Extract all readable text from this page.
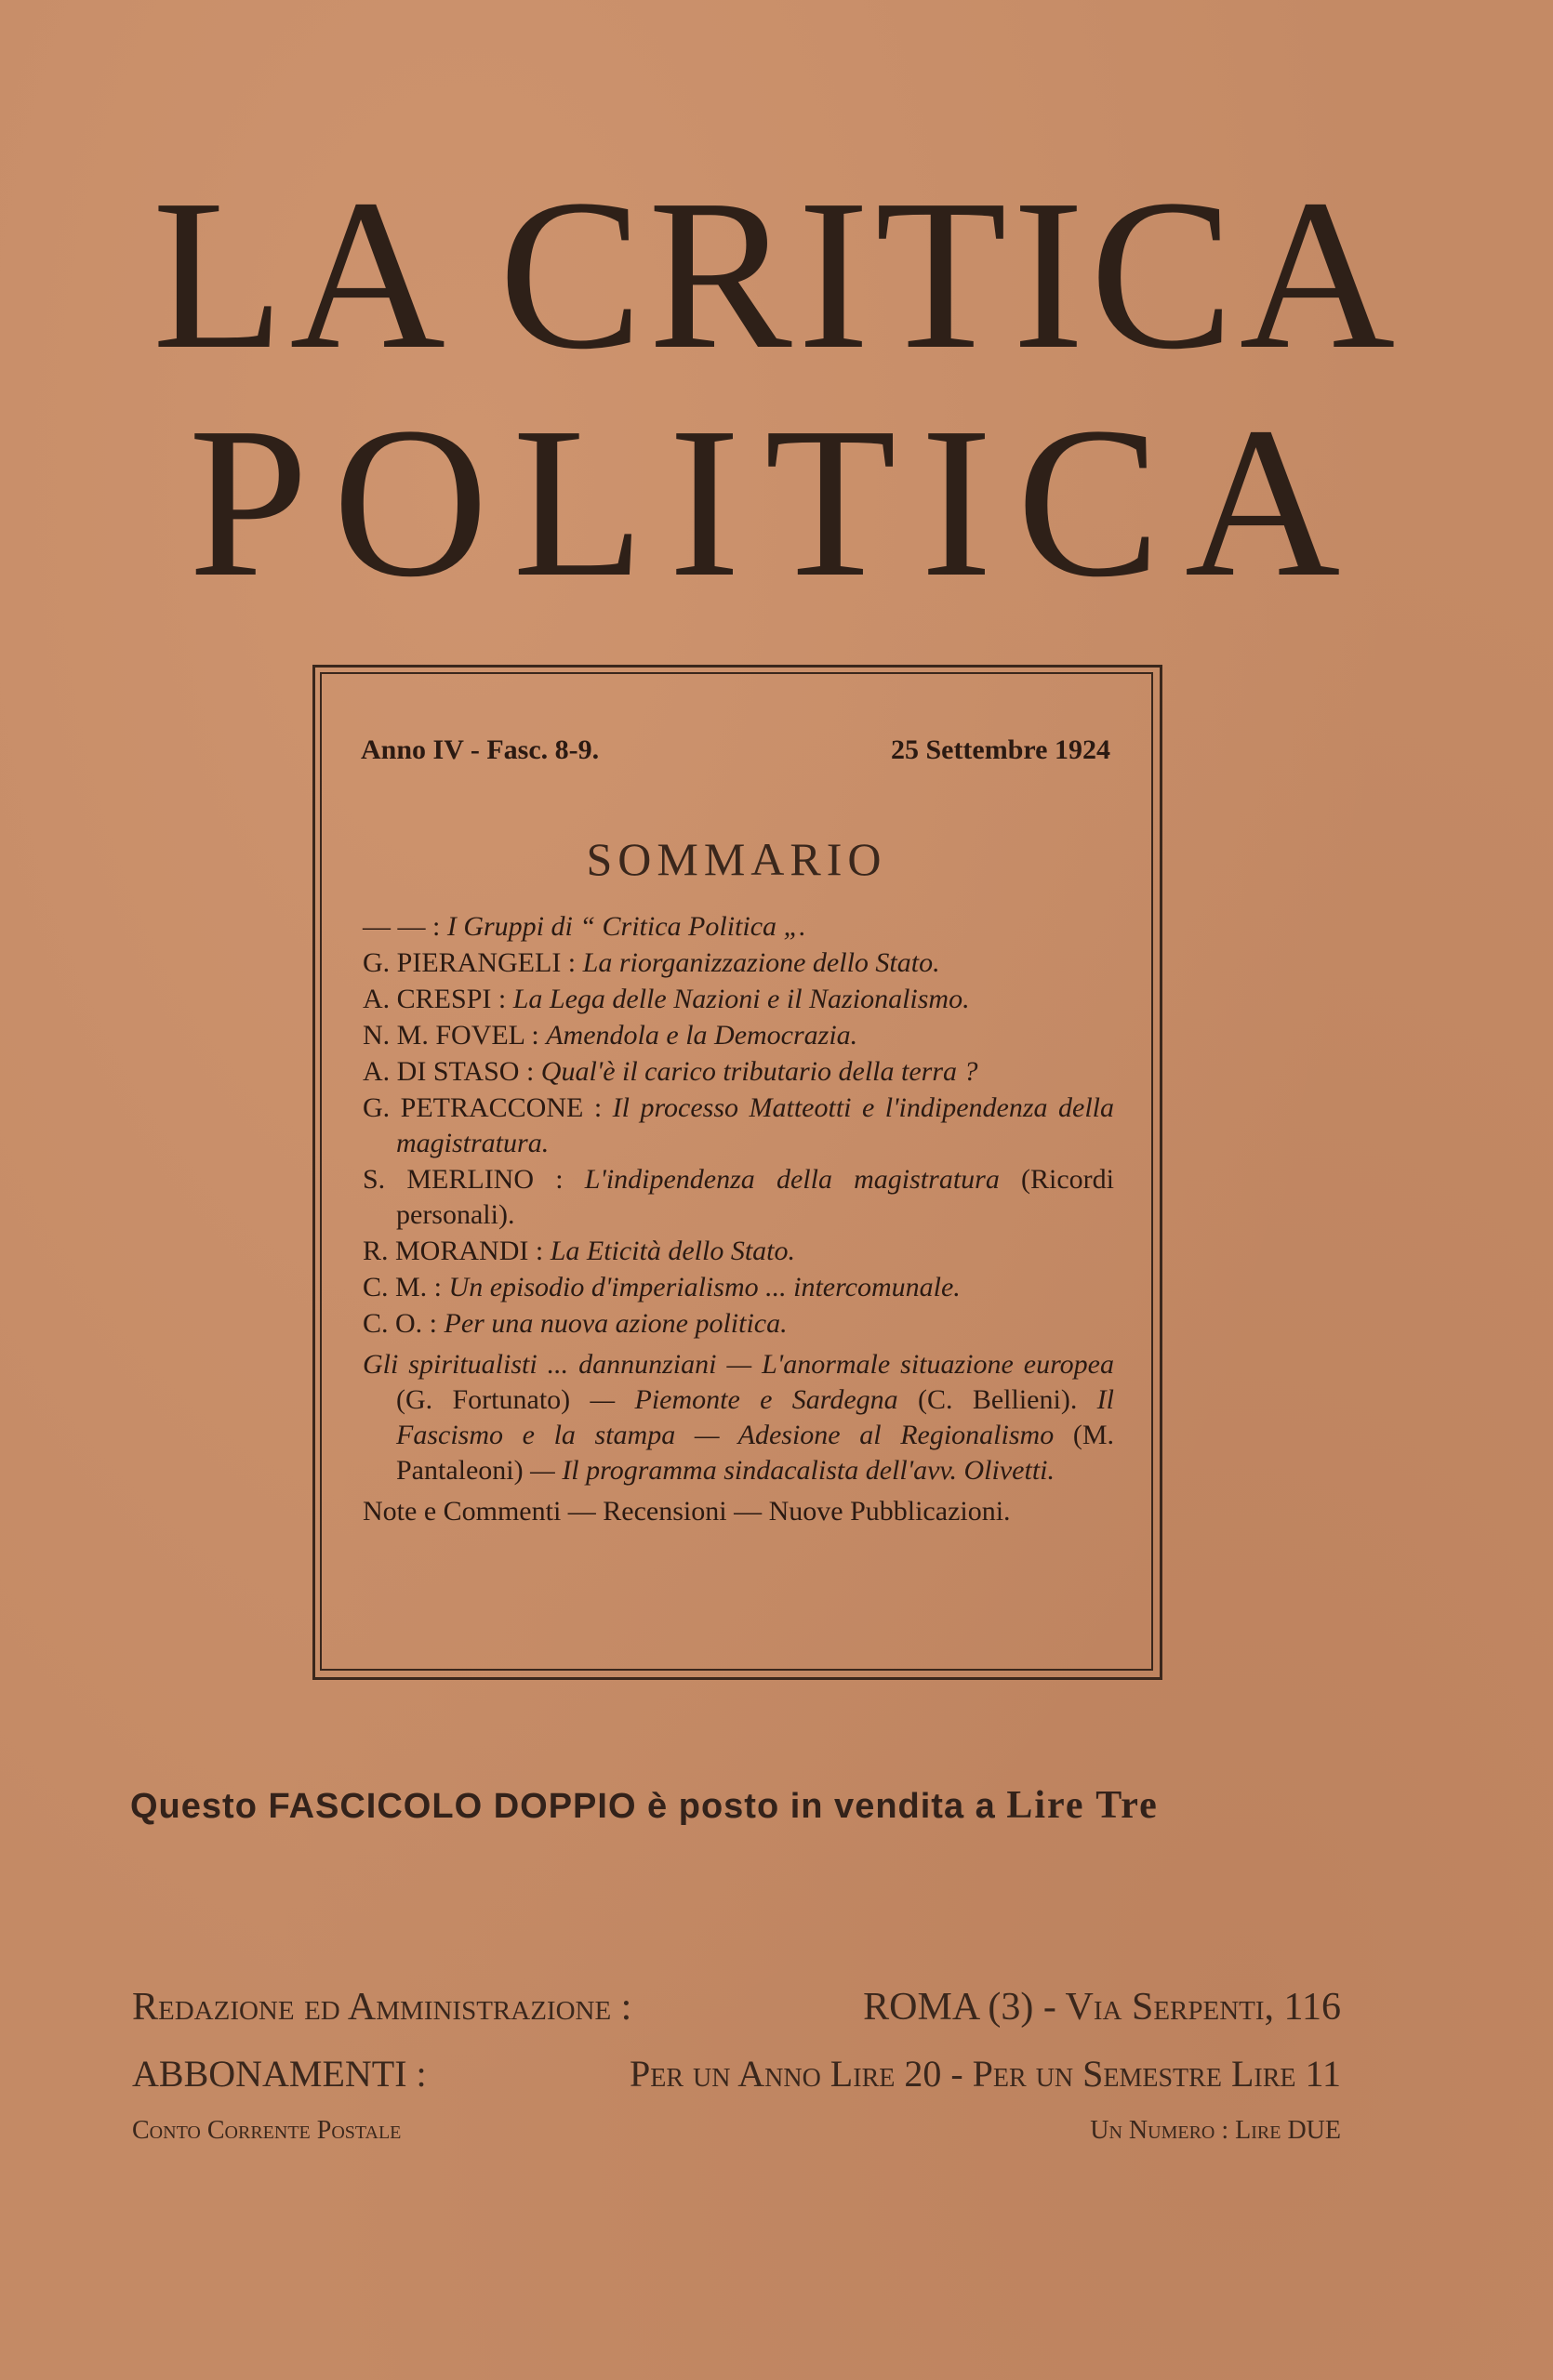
LA CRITICA
POLITICA
Anno IV - Fasc. 8-9.	25 Settembre 1924
SOMMARIO
— — : I Gruppi di “ Critica Politica „.
G. PIERANGELI : La riorganizzazione dello Stato.
A. CRESPI : La Lega delle Nazioni e il Nazionalismo.
N. M. FOVEL : Amendola e la Democrazia.
A. DI STASO : Qual'è il carico tributario della terra ?
G. PETRACCONE : Il processo Matteotti e l'indipendenza della magistratura.
S. MERLINO : L'indipendenza della magistratura (Ricordi personali).
R. MORANDI : La Eticità dello Stato.
C. M. : Un episodio d'imperialismo ... intercomunale.
C. O. : Per una nuova azione politica.
Gli spiritualisti ... dannunziani — L'anormale situazione europea (G. Fortunato) — Piemonte e Sardegna (C. Bellieni). Il Fascismo e la stampa — Adesione al Regionalismo (M. Pantaleoni) — Il programma sindacalista dell'avv. Olivetti.
Note e Commenti — Recensioni — Nuove Pubblicazioni.
Questo FASCICOLO DOPPIO è posto in vendita a Lire Tre
Redazione ed Amministrazione :	ROMA (3) - Via Serpenti, 116
ABBONAMENTI :	Per un Anno Lire 20 - Per un Semestre Lire 11
Conto Corrente Postale	Un Numero : Lire DUE
